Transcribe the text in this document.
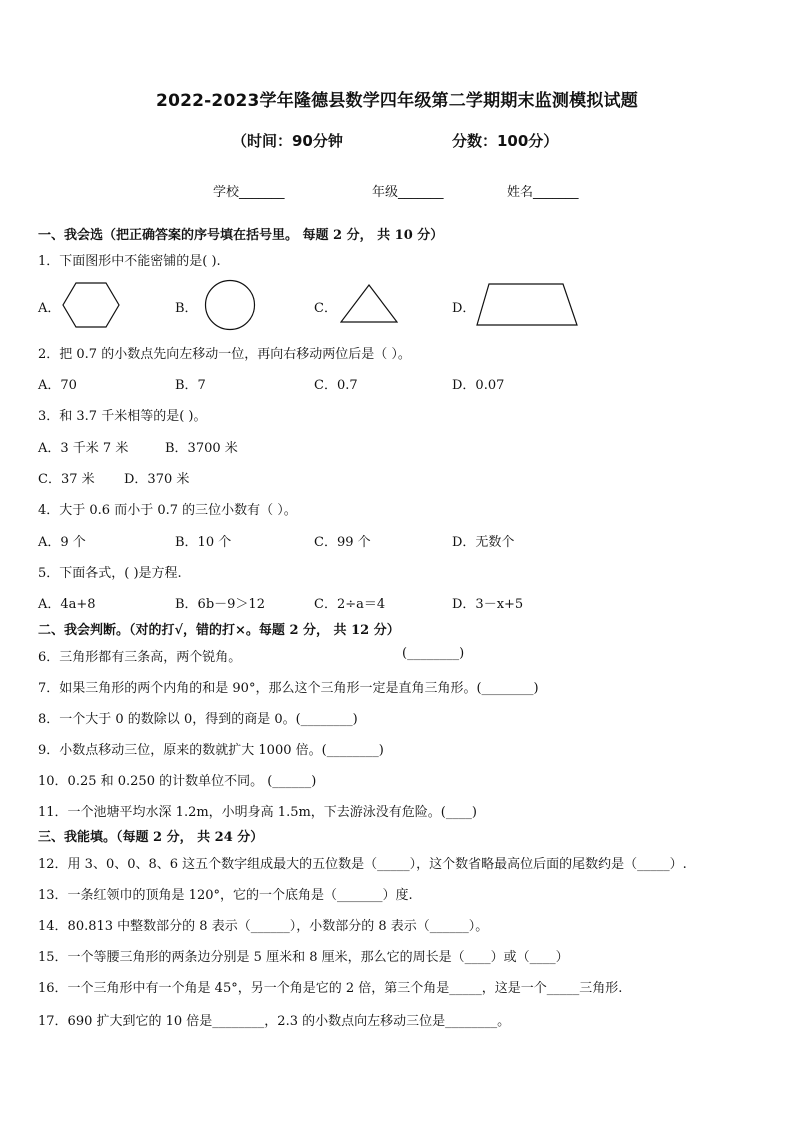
2022-2023学年隆德县数学四年级第二学期期末监测模拟试题
（时间：90分钟	分数：100分）
学校_______	年级_______	姓名_______
一、我会选（把正确答案的序号填在括号里。 每题 2 分， 共 10 分）
1．下面图形中不能密铺的是( ).
A．	B．	C．	D．
2．把 0.7 的小数点先向左移动一位，再向右移动两位后是（ ）。
A．70	B．7	C．0.7	D．0.07
3．和 3.7 千米相等的是( )。
A．3 千米 7 米	B．3700 米
C．37 米 D．370 米
4．大于 0.6 而小于 0.7 的三位小数有（ ）。
A．9 个	B．10 个	C．99 个	D．无数个
5．下面各式，( )是方程.
A．4a+8	B．6b－9＞12	C．2÷a＝4	D．3－x+5
二、我会判断。（对的打√，错的打×。每题 2 分， 共 12 分）
6．三角形都有三条高，两个锐角。	(________)
7．如果三角形的两个内角的和是 90°，那么这个三角形一定是直角三角形。(________)
8．一个大于 0 的数除以 0，得到的商是 0。(________)
9．小数点移动三位，原来的数就扩大 1000 倍。(________)
10．0.25 和 0.250 的计数单位不同。 (______)
11．一个池塘平均水深 1.2m，小明身高 1.5m，下去游泳没有危险。(____)
三、我能填。（每题 2 分， 共 24 分）
12．用 3、0、0、8、6 这五个数字组成最大的五位数是（_____），这个数省略最高位后面的尾数约是（_____）.
13．一条红领巾的顶角是 120°，它的一个底角是（_______）度.
14．80.813 中整数部分的 8 表示（______），小数部分的 8 表示（______）。
15．一个等腰三角形的两条边分别是 5 厘米和 8 厘米，那么它的周长是（____）或（____）
16．一个三角形中有一个角是 45°，另一个角是它的 2 倍，第三个角是_____，这是一个_____三角形.
17．690 扩大到它的 10 倍是________，2.3 的小数点向左移动三位是________。
